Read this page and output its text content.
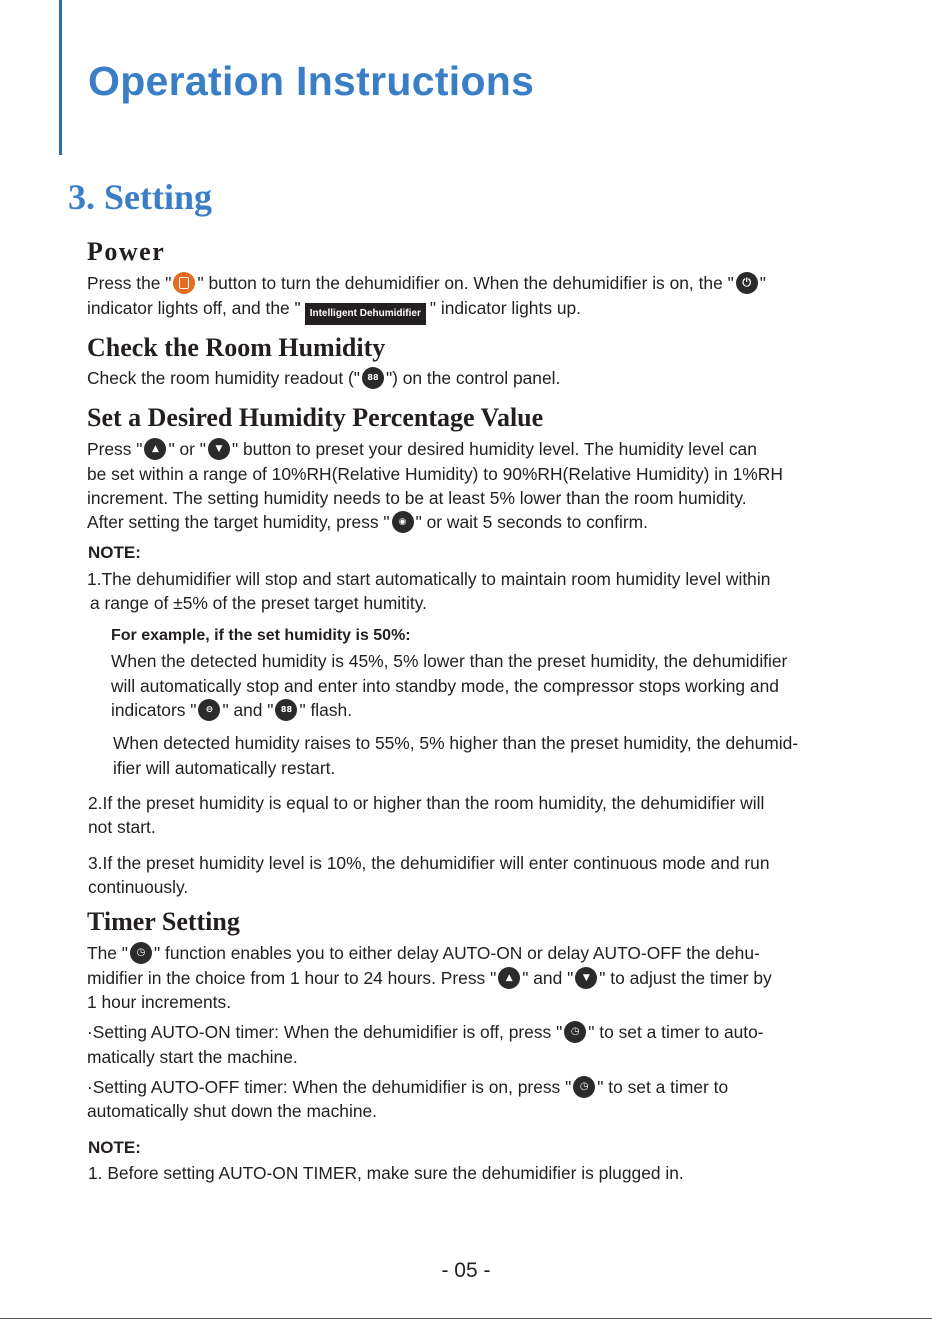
Operation Instructions
3. Setting
Power

Press the " " button to turn the dehumidifier on. When the dehumidifier is on, the " ⏻ "

indicator lights off, and the " Intelligent Dehumidifier " indicator lights up.

Check the Room Humidity

Check the room humidity readout (" 88 ") on the control panel.

Set a Desired Humidity Percentage Value

Press "	▲ " or "	▼ " button to preset your desired humidity level. The humidity level can

be set within a range of 10%RH(Relative Humidity) to 90%RH(Relative Humidity) in 1%RH

increment. The setting humidity needs to be at least 5% lower than the room humidity.

After setting the target humidity, press "	◉ " or wait 5 seconds to confirm.

NOTE:

1.The dehumidifier will stop and start automatically to maintain room humidity level within

a range of ±5% of the preset target humitity.

For example, if the set humidity is 50%:

When the detected humidity is 45%, 5% lower than the preset humidity, the dehumidifier

will automatically stop and enter into standby mode, the compressor stops working and

indicators "	⊖ " and " 88 " flash.

When detected humidity raises to 55%, 5% higher than the preset humidity, the dehumid-

ifier will automatically restart.

2.If the preset humidity is equal to or higher than the room humidity, the dehumidifier will

not start.

3.If the preset humidity level is 10%, the dehumidifier will enter continuous mode and run

continuously.

Timer Setting

The " ◷ " function enables you to either delay AUTO-ON or delay AUTO-OFF the dehu-

midifier in the choice from 1 hour to 24 hours. Press "	▲ " and "	▼ " to adjust the timer by

1 hour increments.

·Setting AUTO-ON timer: When the dehumidifier is off, press " ◷ " to set a timer to auto-

matically start the machine.

·Setting AUTO-OFF timer: When the dehumidifier is on, press " ◷ " to set a timer to

automatically shut down the machine.

NOTE:

1. Before setting AUTO-ON TIMER, make sure the dehumidifier is plugged in.

- 05 -
